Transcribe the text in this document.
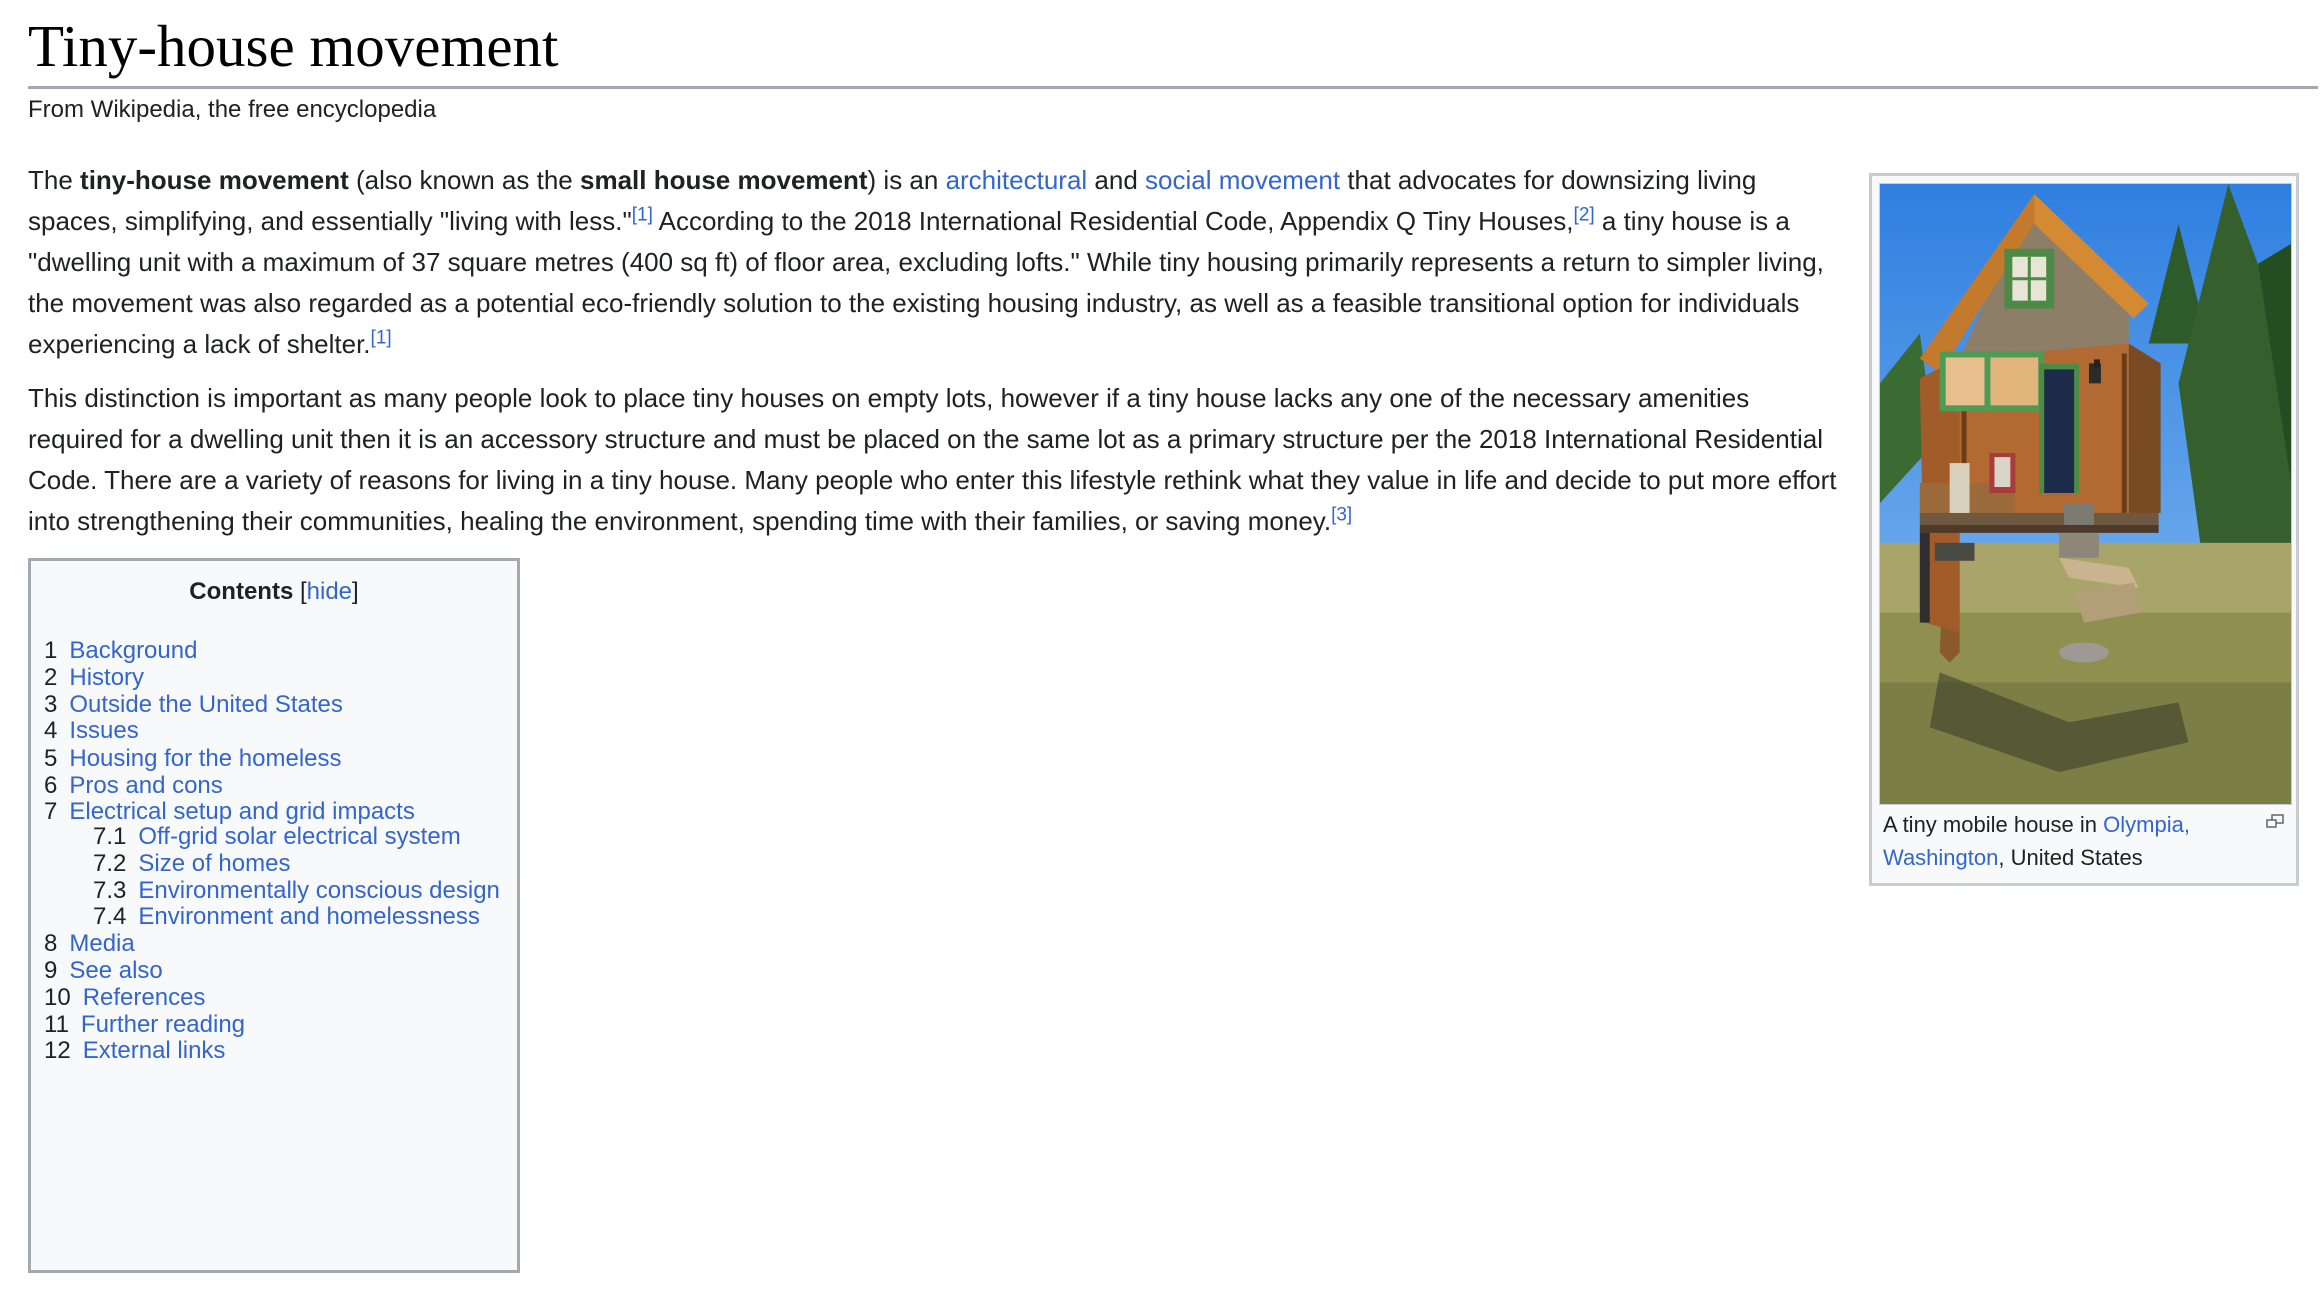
Tiny-house movement
From Wikipedia, the free encyclopedia

The tiny-house movement (also known as the small house movement) is an architectural and social movement that advocates for downsizing living spaces, simplifying, and essentially "living with less."[1] According to the 2018 International Residential Code, Appendix Q Tiny Houses,[2] a tiny house is a "dwelling unit with a maximum of 37 square metres (400 sq ft) of floor area, excluding lofts." While tiny housing primarily represents a return to simpler living, the movement was also regarded as a potential eco-friendly solution to the existing housing industry, as well as a feasible transitional option for individuals experiencing a lack of shelter.[1]

This distinction is important as many people look to place tiny houses on empty lots, however if a tiny house lacks any one of the necessary amenities required for a dwelling unit then it is an accessory structure and must be placed on the same lot as a primary structure per the 2018 International Residential Code. There are a variety of reasons for living in a tiny house. Many people who enter this lifestyle rethink what they value in life and decide to put more effort into strengthening their communities, healing the environment, spending time with their families, or saving money.[3]

A tiny mobile house in Olympia, Washington, United States
Contents [hide]
1 Background
2 History
3 Outside the United States
4 Issues
5 Housing for the homeless
6 Pros and cons
7 Electrical setup and grid impacts
7.1 Off-grid solar electrical system
7.2 Size of homes
7.3 Environmentally conscious design
7.4 Environment and homelessness
8 Media
9 See also
10 References
11 Further reading
12 External links
